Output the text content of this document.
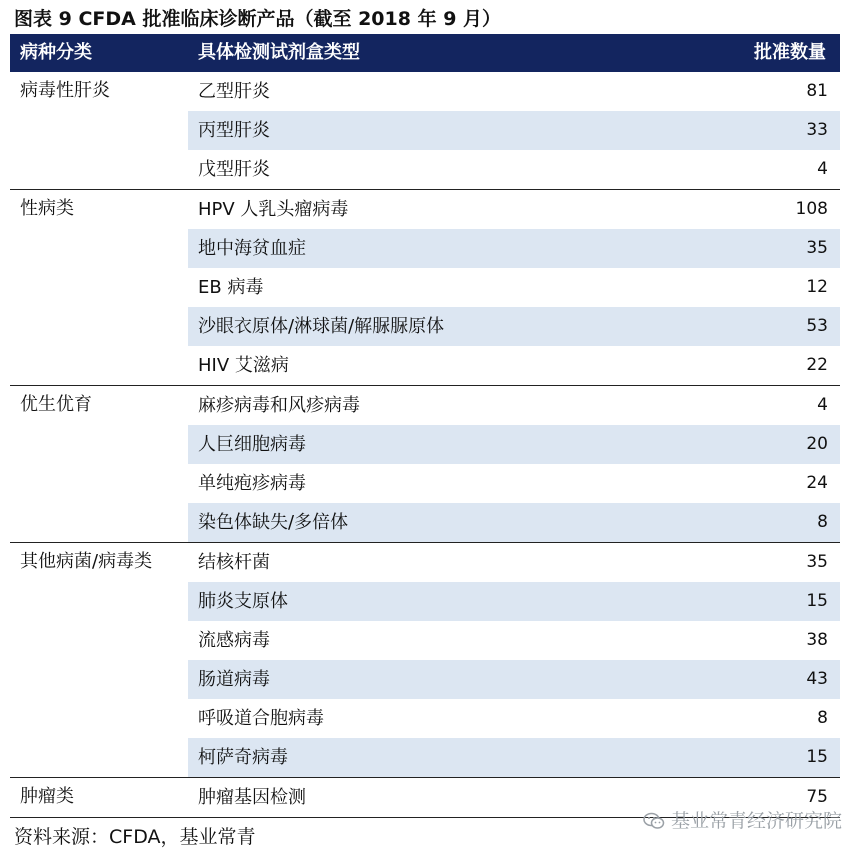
图表 9 CFDA 批准临床诊断产品（截至 2018 年 9 月）
病种分类	具体检测试剂盒类型	批准数量
病毒性肝炎	乙型肝炎	81
丙型肝炎	33
戊型肝炎	4
性病类	HPV 人乳头瘤病毒	108
地中海贫血症	35
EB 病毒	12
沙眼衣原体/淋球菌/解脲脲原体	53
HIV 艾滋病	22
优生优育	麻疹病毒和风疹病毒	4
人巨细胞病毒	20
单纯疱疹病毒	24
染色体缺失/多倍体	8
其他病菌/病毒类	结核杆菌	35
肺炎支原体	15
流感病毒	38
肠道病毒	43
呼吸道合胞病毒	8
柯萨奇病毒	15
肿瘤类	肿瘤基因检测	75
资料来源：CFDA，基业常青
基业常青经济研究院
